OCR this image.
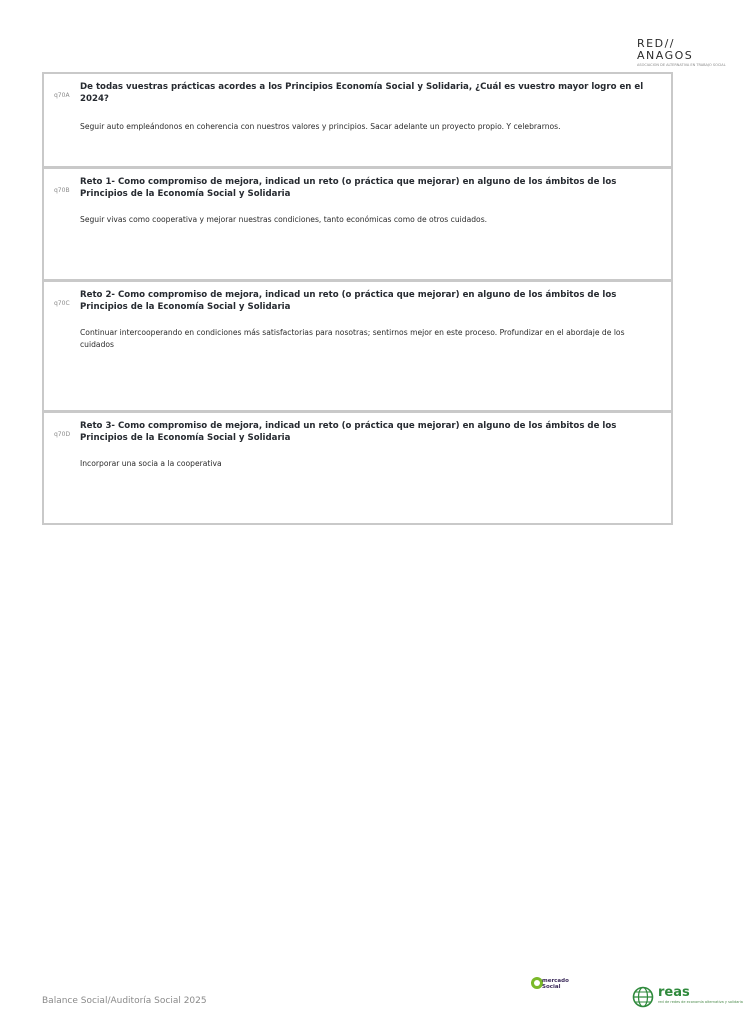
RED//
ANAGOS
ASOCIACION DE ALTERNATIVA EN TRABAJO SOCIAL
q70A
De todas vuestras prácticas acordes a los Principios Economía Social y Solidaria, ¿Cuál es vuestro mayor logro en el 2024?
Seguir auto empleándonos en coherencia con nuestros valores y principios. Sacar adelante un proyecto propio. Y celebrarnos.
q70B
Reto 1- Como compromiso de mejora, indicad un reto (o práctica que mejorar) en alguno de los ámbitos de los Principios de la Economía Social y Solidaria
Seguir vivas como cooperativa y mejorar nuestras condiciones, tanto económicas como de otros cuidados.
q70C
Reto 2- Como compromiso de mejora, indicad un reto (o práctica que mejorar) en alguno de los ámbitos de los Principios de la Economía Social y Solidaria
Continuar intercooperando en condiciones más satisfactorias para nosotras; sentirnos mejor en este proceso. Profundizar en el abordaje de los cuidados
q70D
Reto 3- Como compromiso de mejora, indicad un reto (o práctica que mejorar) en alguno de los ámbitos de los Principios de la Economía Social y Solidaria
Incorporar una socia a la cooperativa
Balance Social/Auditoría Social 2025
mercado
Social	reas
red de redes de economía alternativa y solidaria
